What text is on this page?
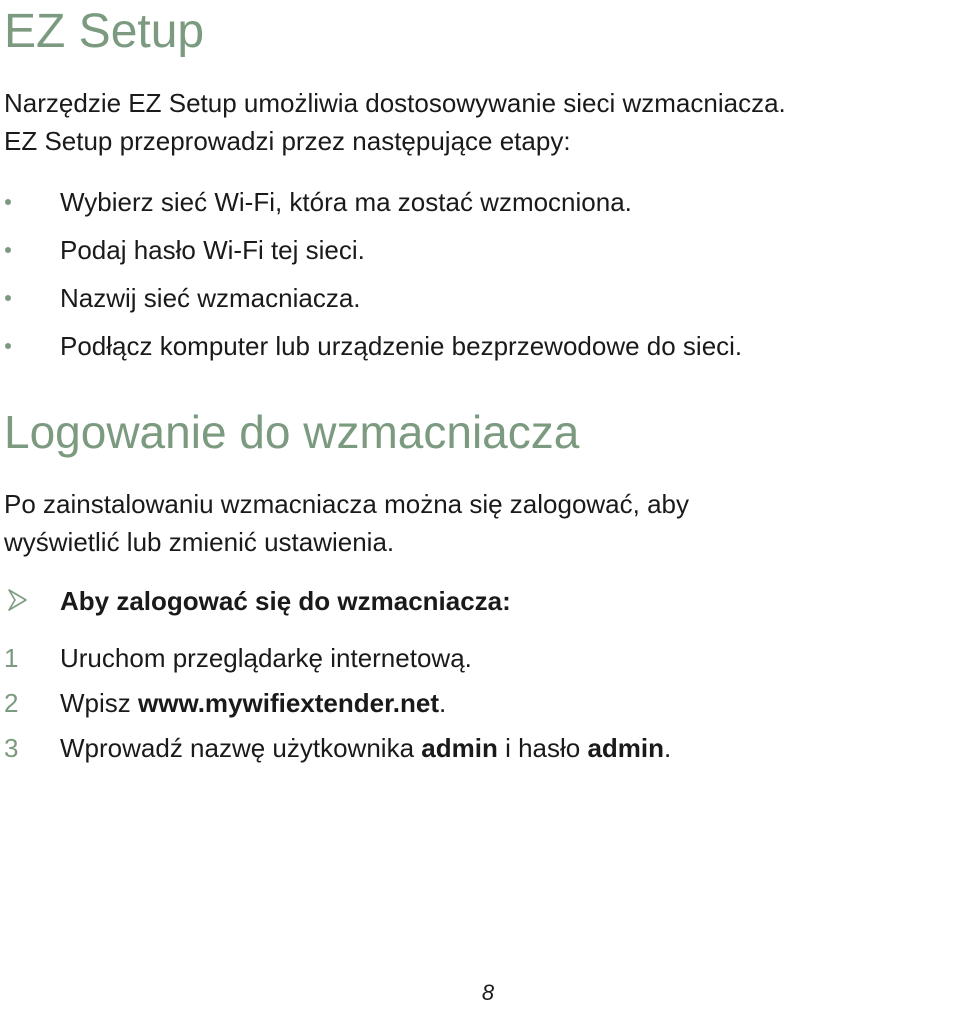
EZ Setup
Narzędzie EZ Setup umożliwia dostosowywanie sieci wzmacniacza.
EZ Setup przeprowadzi przez następujące etapy:
Wybierz sieć Wi-Fi, która ma zostać wzmocniona.
Podaj hasło Wi-Fi tej sieci.
Nazwij sieć wzmacniacza.
Podłącz komputer lub urządzenie bezprzewodowe do sieci.
Logowanie do wzmacniacza
Po zainstalowaniu wzmacniacza można się zalogować, aby
wyświetlić lub zmienić ustawienia.
Aby zalogować się do wzmacniacza:
1 Uruchom przeglądarkę internetową.
2 Wpisz www.mywifiextender.net.
3 Wprowadź nazwę użytkownika admin i hasło admin.
8
